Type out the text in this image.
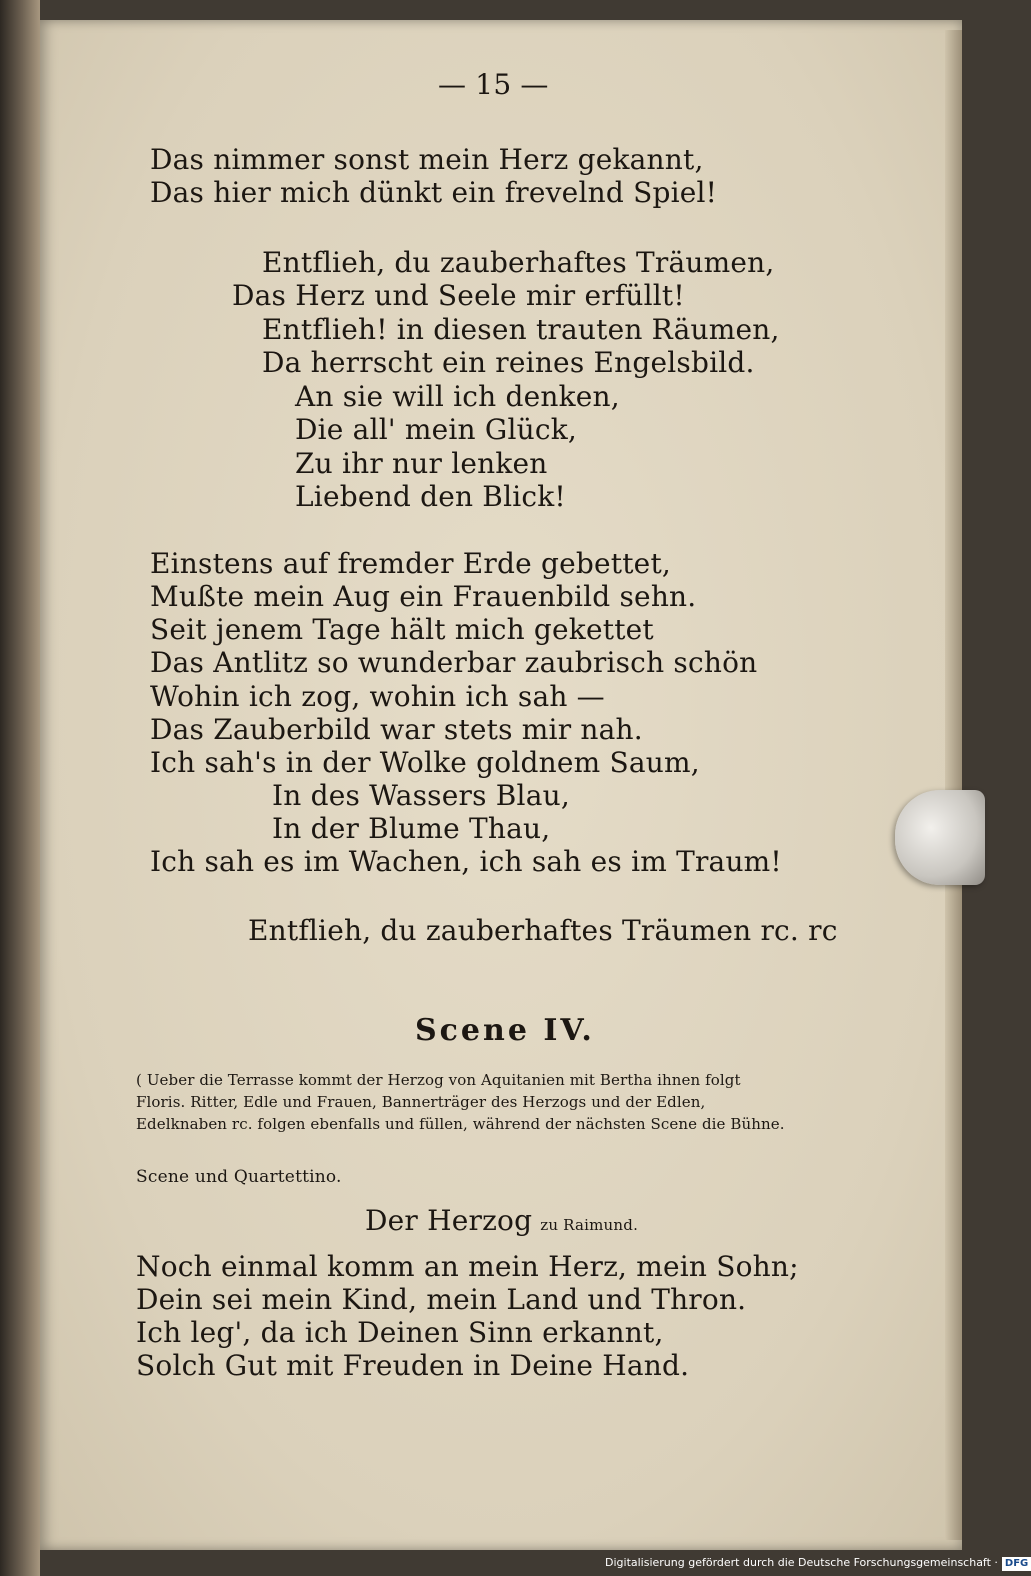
— 15 —
Das nimmer sonst mein Herz gekannt,
Das hier mich dünkt ein frevelnd Spiel!
Entflieh, du zauberhaftes Träumen,
Das Herz und Seele mir erfüllt!
Entflieh! in diesen trauten Räumen,
Da herrscht ein reines Engelsbild.
An sie will ich denken,
Die all' mein Glück,
Zu ihr nur lenken
Liebend den Blick!
Einstens auf fremder Erde gebettet,
Mußte mein Aug ein Frauenbild sehn.
Seit jenem Tage hält mich gekettet
Das Antlitz so wunderbar zaubrisch schön
Wohin ich zog, wohin ich sah —
Das Zauberbild war stets mir nah.
Ich sah's in der Wolke goldnem Saum,
In des Wassers Blau,
In der Blume Thau,
Ich sah es im Wachen, ich sah es im Traum!
Entflieh, du zauberhaftes Träumen rc. rc
Scene IV.
( Ueber die Terrasse kommt der Herzog von Aquitanien mit Bertha ihnen folgt
Floris. Ritter, Edle und Frauen, Bannerträger des Herzogs und der Edlen,
Edelknaben rc. folgen ebenfalls und füllen, während der nächsten Scene die Bühne.
Scene und Quartettino.
Der Herzog zu Raimund.
Noch einmal komm an mein Herz, mein Sohn;
Dein sei mein Kind, mein Land und Thron.
Ich leg', da ich Deinen Sinn erkannt,
Solch Gut mit Freuden in Deine Hand.
Digitalisierung gefördert durch die Deutsche Forschungsgemeinschaft · DFG
